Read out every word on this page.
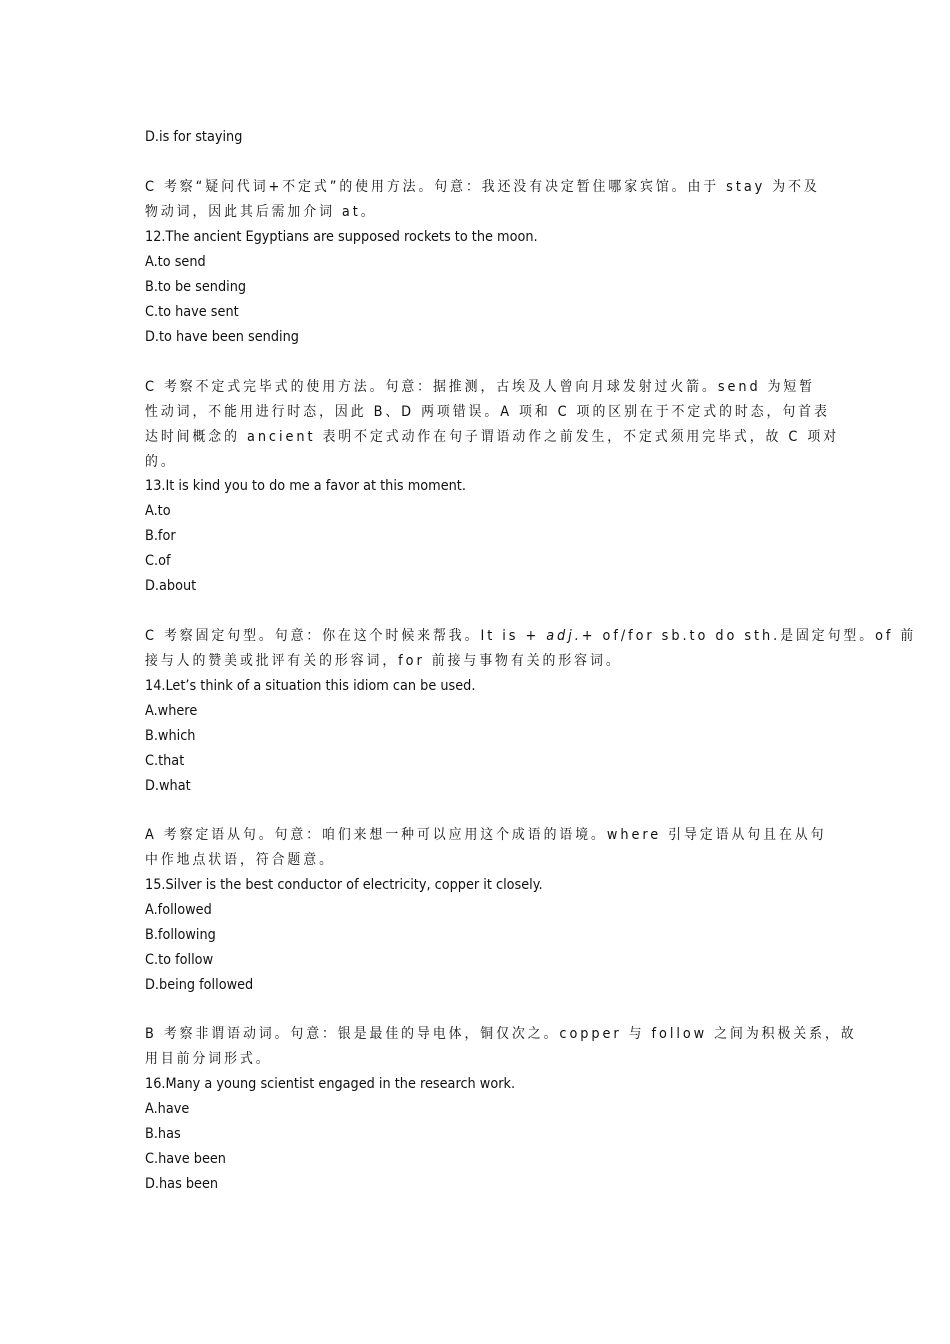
D.is for staying
C 考察“疑问代词+不定式”的使用方法。句意：我还没有决定暂住哪家宾馆。由于 stay 为不及
物动词，因此其后需加介词 at。
12.The ancient Egyptians are supposed rockets to the moon.
A.to send
B.to be sending
C.to have sent
D.to have been sending
C 考察不定式完毕式的使用方法。句意：据推测，古埃及人曾向月球发射过火箭。send 为短暂
性动词，不能用进行时态，因此 B、D 两项错误。A 项和 C 项的区别在于不定式的时态，句首表
达时间概念的 ancient 表明不定式动作在句子谓语动作之前发生，不定式须用完毕式，故 C 项对
的。
13.It is kind you to do me a favor at this moment.
A.to
B.for
C.of
D.about
C 考察固定句型。句意：你在这个时候来帮我。It is + adj.+ of/for sb.to do sth.是固定句型。of 前
接与人的赞美或批评有关的形容词，for 前接与事物有关的形容词。
14.Let’s think of a situation this idiom can be used.
A.where
B.which
C.that
D.what
A 考察定语从句。句意：咱们来想一种可以应用这个成语的语境。where 引导定语从句且在从句
中作地点状语，符合题意。
15.Silver is the best conductor of electricity, copper it closely.
A.followed
B.following
C.to follow
D.being followed
B 考察非谓语动词。句意：银是最佳的导电体，铜仅次之。copper 与 follow 之间为积极关系，故
用目前分词形式。
16.Many a young scientist engaged in the research work.
A.have
B.has
C.have been
D.has been
